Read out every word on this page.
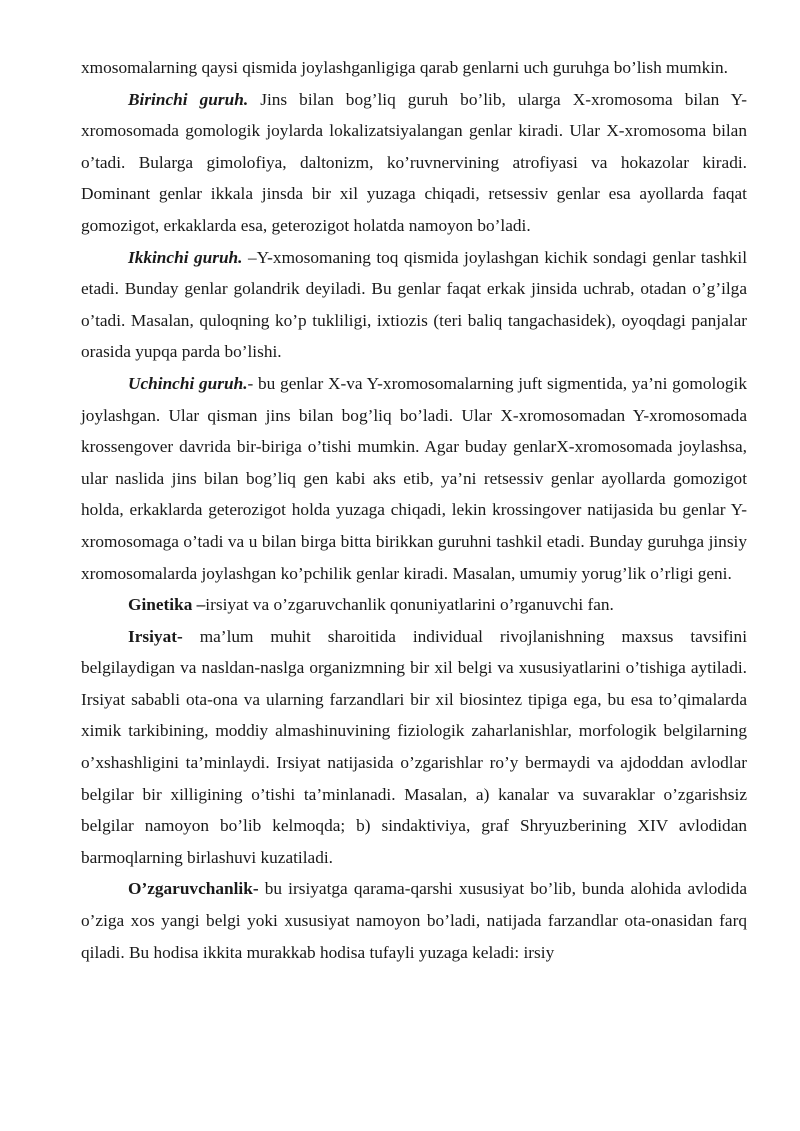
xmosomalarning qaysi qismida joylashganligiga qarab genlarni uch guruhga bo’lish mumkin.

Birinchi guruh. Jins bilan bog’liq guruh bo’lib, ularga X-xromosoma bilan Y-xromosomada gomologik joylarda lokalizatsiyalangan genlar kiradi. Ular X-xromosoma bilan o’tadi. Bularga gimolofiya, daltonizm, ko’ruvnervining atrofiyasi va hokazolar kiradi. Dominant genlar ikkala jinsda bir xil yuzaga chiqadi, retsessiv genlar esa ayollarda faqat gomozigot, erkaklarda esa, geterozigot holatda namoyon bo’ladi.

Ikkinchi guruh. –Y-xmosomaning toq qismida joylashgan kichik sondagi genlar tashkil etadi. Bunday genlar golandrik deyiladi. Bu genlar faqat erkak jinsida uchrab, otadan o’g’ilga o’tadi. Masalan, quloqning ko’p tukliligi, ixtiozis (teri baliq tangachasidek), oyoqdagi panjalar orasida yupqa parda bo’lishi.

Uchinchi guruh.- bu genlar X-va Y-xromosomalarning juft sigmentida, ya’ni gomologik joylashgan. Ular qisman jins bilan bog’liq bo’ladi. Ular X-xromosomadan Y-xromosomada krossengover davrida bir-biriga o’tishi mumkin. Agar buday genlarX-xromosomada joylashsa, ular naslida jins bilan bog’liq gen kabi aks etib, ya’ni retsessiv genlar ayollarda gomozigot holda, erkaklarda geterozigot holda yuzaga chiqadi, lekin krossingover natijasida bu genlar Y-xromosomaga o’tadi va u bilan birga bitta birikkan guruhni tashkil etadi. Bunday guruhga jinsiy xromosomalarda joylashgan ko’pchilik genlar kiradi. Masalan, umumiy yorug’lik o’rligi geni.

Ginetika –irsiyat va o’zgaruvchanlik qonuniyatlarini o’rganuvchi fan.

Irsiyat- ma’lum muhit sharoitida individual rivojlanishning maxsus tavsifini belgilaydigan va nasldan-naslga organizmning bir xil belgi va xususiyatlarini o’tishiga aytiladi. Irsiyat sababli ota-ona va ularning farzandlari bir xil biosintez tipiga ega, bu esa to’qimalarda ximik tarkibining, moddiy almashinuvining fiziologik zaharlanishlar, morfologik belgilarning o’xshashligini ta’minlaydi. Irsiyat natijasida o’zgarishlar ro’y bermaydi va ajdoddan avlodlar belgilar bir xilligining o’tishi ta’minlanadi. Masalan, a) kanalar va suvaraklar o’zgarishsiz belgilar namoyon bo’lib kelmoqda; b) sindaktiviya, graf Shryuzberining XIV avlodidan barmoqlarning birlashuvi kuzatiladi.

O’zgaruvchanlik- bu irsiyatga qarama-qarshi xususiyat bo’lib, bunda alohida avlodida o’ziga xos yangi belgi yoki xususiyat namoyon bo’ladi, natijada farzandlar ota-onasidan farq qiladi. Bu hodisa ikkita murakkab hodisa tufayli yuzaga keladi: irsiy
